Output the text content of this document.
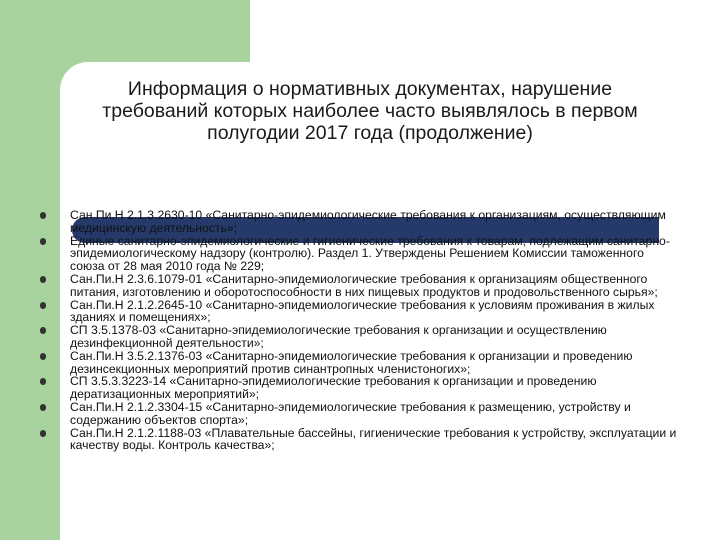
Информация о нормативных документах, нарушение
требований которых наиболее часто выявлялось в первом
полугодии 2017 года (продолжение)
Сан.Пи.Н 2.1.3.2630-10 «Санитарно-эпидемиологические требования к организациям, осуществляющим медицинскую деятельность»;
Единые санитарно-эпидемиологические и гигиенические требования к товарам, подлежащим санитарно-эпидемиологическому надзору (контролю). Раздел 1. Утверждены Решением Комиссии таможенного союза от 28 мая 2010 года № 229;
Сан.Пи.Н 2.3.6.1079-01 «Санитарно-эпидемиологические требования к организациям общественного питания, изготовлению и оборотоспособности в них пищевых продуктов и продовольственного сырья»;
Сан.Пи.Н 2.1.2.2645-10 «Санитарно-эпидемиологические требования к условиям проживания в жилых зданиях и помещениях»;
СП 3.5.1378-03 «Санитарно-эпидемиологические требования к организации и осуществлению дезинфекционной деятельности»;
Сан.Пи.Н 3.5.2.1376-03 «Санитарно-эпидемиологические требования к организации и проведению дезинсекционных мероприятий против синантропных членистоногих»;
СП 3.5.3.3223-14 «Санитарно-эпидемиологические требования к организации и проведению дератизационных мероприятий»;
Сан.Пи.Н 2.1.2.3304-15 «Санитарно-эпидемиологические требования к размещению, устройству и содержанию объектов спорта»;
Сан.Пи.Н 2.1.2.1188-03 «Плавательные бассейны, гигиенические требования к устройству, эксплуатации и качеству воды. Контроль качества»;
